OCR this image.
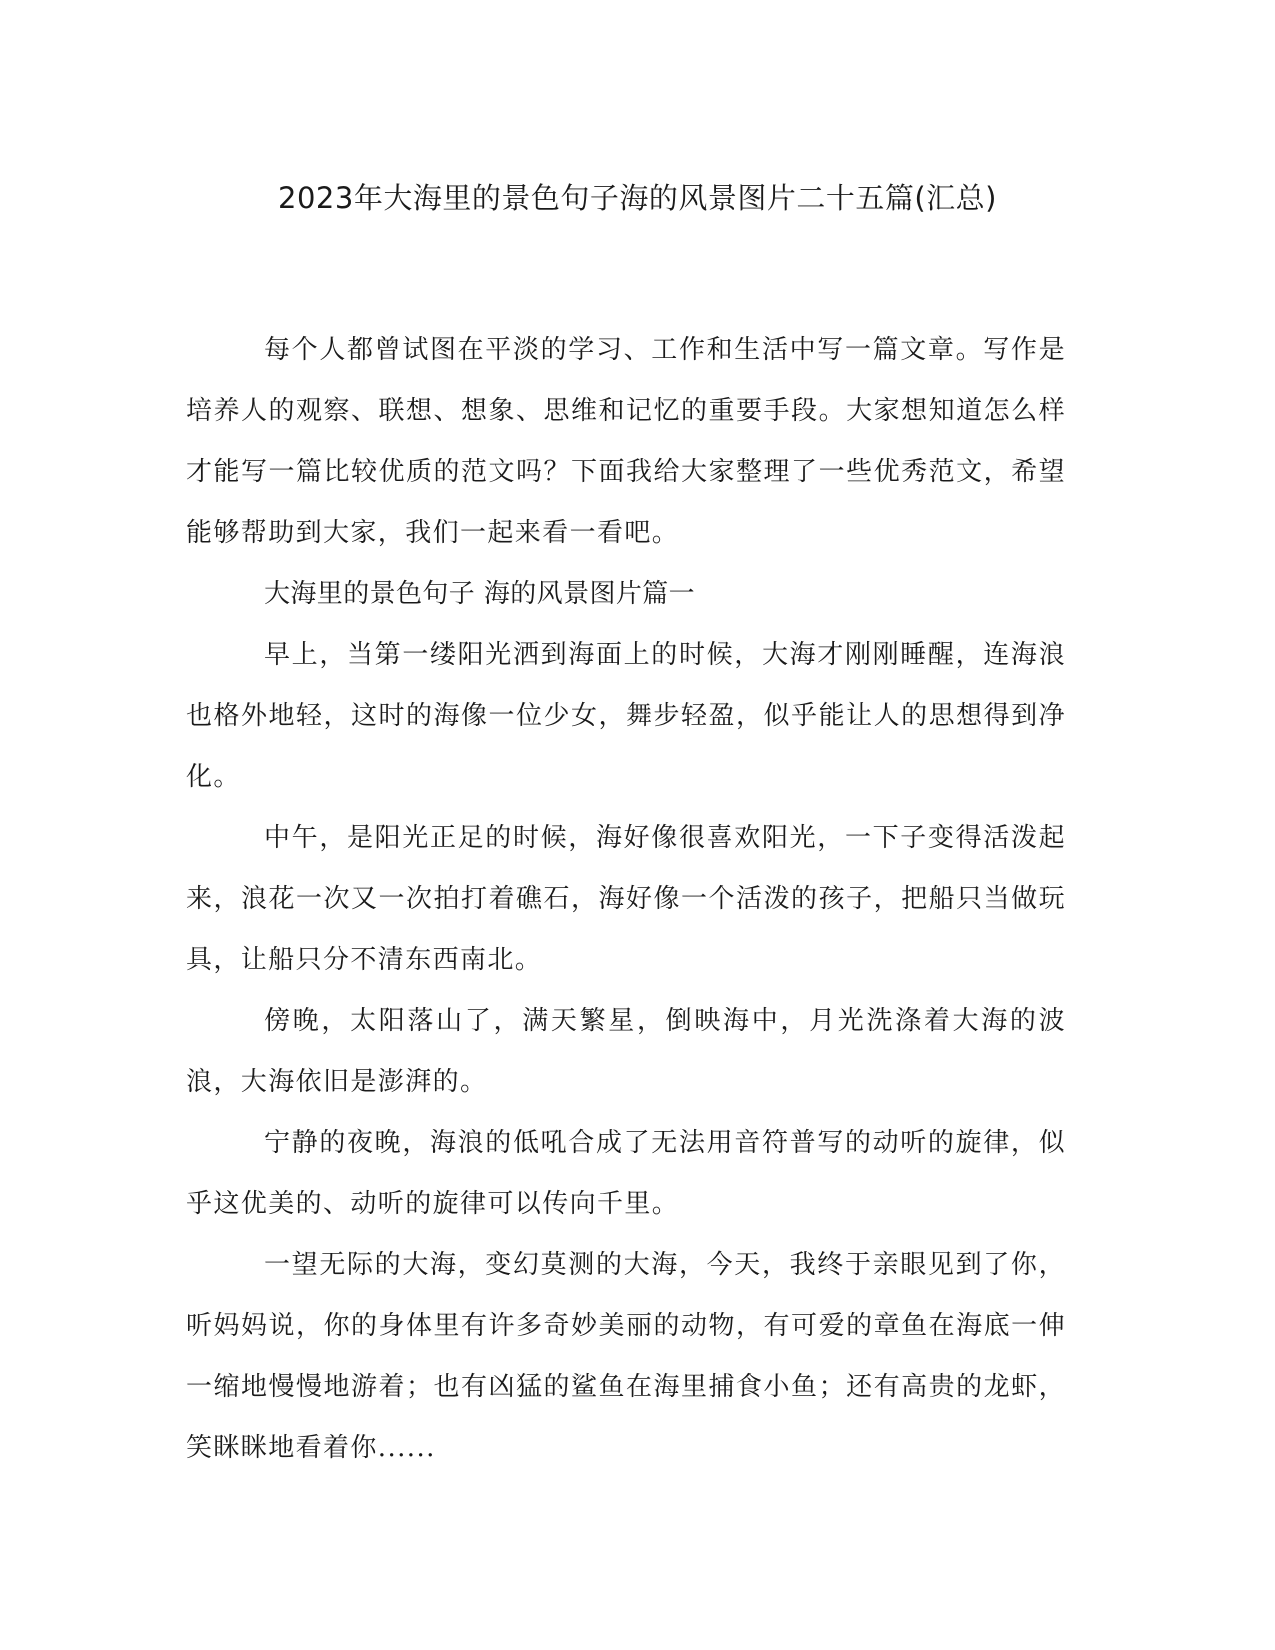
2023年大海里的景色句子海的风景图片二十五篇(汇总)

每个人都曾试图在平淡的学习、工作和生活中写一篇文章。写作是培养人的观察、联想、想象、思维和记忆的重要手段。大家想知道怎么样才能写一篇比较优质的范文吗？下面我给大家整理了一些优秀范文，希望能够帮助到大家，我们一起来看一看吧。

大海里的景色句子 海的风景图片篇一

早上，当第一缕阳光洒到海面上的时候，大海才刚刚睡醒，连海浪也格外地轻，这时的海像一位少女，舞步轻盈，似乎能让人的思想得到净化。

中午，是阳光正足的时候，海好像很喜欢阳光，一下子变得活泼起来，浪花一次又一次拍打着礁石，海好像一个活泼的孩子，把船只当做玩具，让船只分不清东西南北。

傍晚，太阳落山了，满天繁星，倒映海中，月光洗涤着大海的波浪，大海依旧是澎湃的。

宁静的夜晚，海浪的低吼合成了无法用音符普写的动听的旋律，似乎这优美的、动听的旋律可以传向千里。

一望无际的大海，变幻莫测的大海，今天，我终于亲眼见到了你，听妈妈说，你的身体里有许多奇妙美丽的动物，有可爱的章鱼在海底一伸一缩地慢慢地游着；也有凶猛的鲨鱼在海里捕食小鱼；还有高贵的龙虾，笑眯眯地看着你......
